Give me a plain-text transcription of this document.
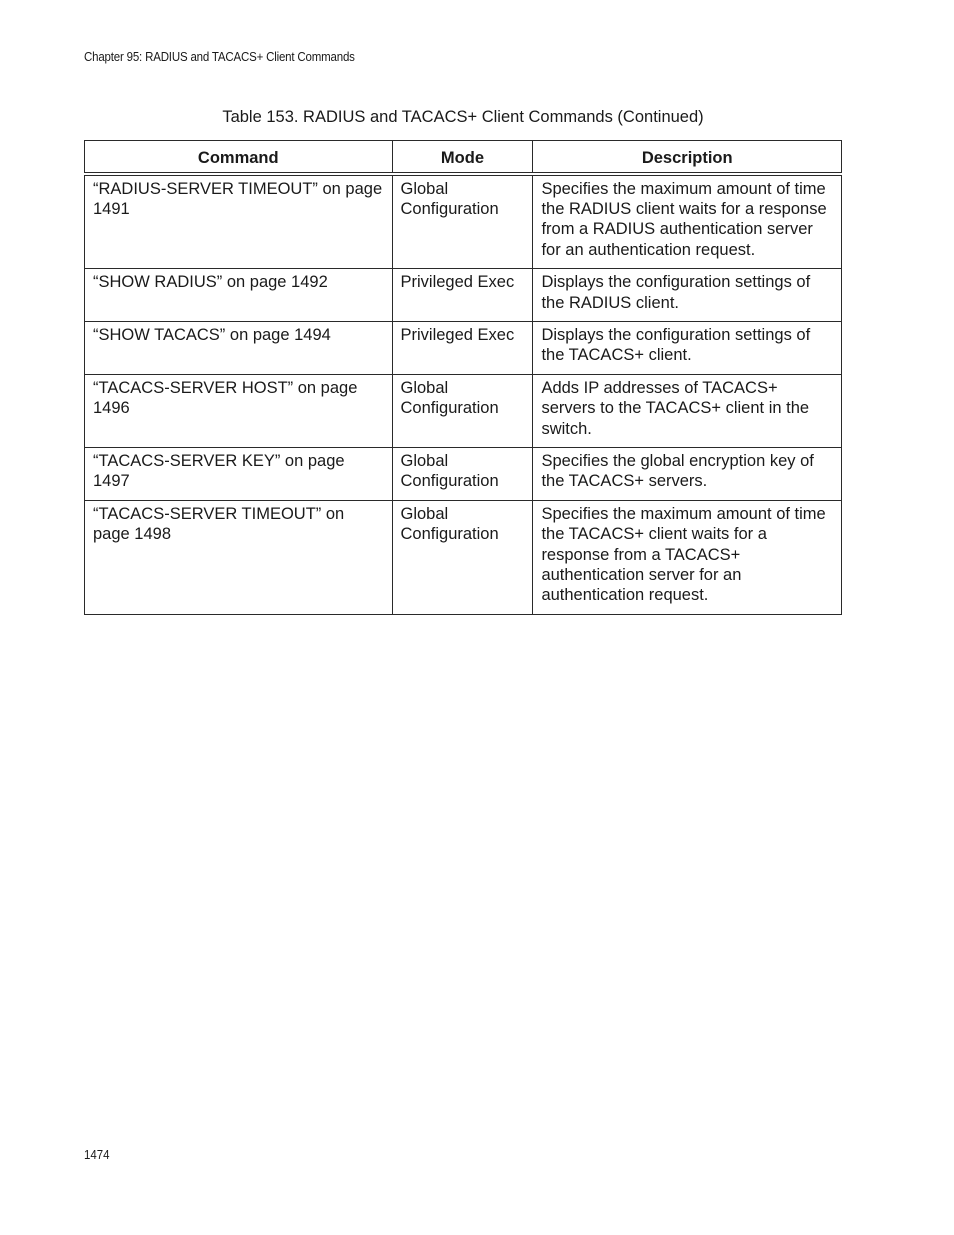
Chapter 95: RADIUS and TACACS+ Client Commands
Table 153. RADIUS and TACACS+ Client Commands (Continued)
Command	Mode	Description
“RADIUS-SERVER TIMEOUT” on page 1491	Global Configuration	Specifies the maximum amount of time the RADIUS client waits for a response from a RADIUS authentication server for an authentication request.
“SHOW RADIUS” on page 1492	Privileged Exec	Displays the configuration settings of the RADIUS client.
“SHOW TACACS” on page 1494	Privileged Exec	Displays the configuration settings of the TACACS+ client.
“TACACS-SERVER HOST” on page 1496	Global Configuration	Adds IP addresses of TACACS+ servers to the TACACS+ client in the switch.
“TACACS-SERVER KEY” on page 1497	Global Configuration	Specifies the global encryption key of the TACACS+ servers.
“TACACS-SERVER TIMEOUT” on page 1498	Global Configuration	Specifies the maximum amount of time the TACACS+ client waits for a response from a TACACS+ authentication server for an authentication request.
1474
